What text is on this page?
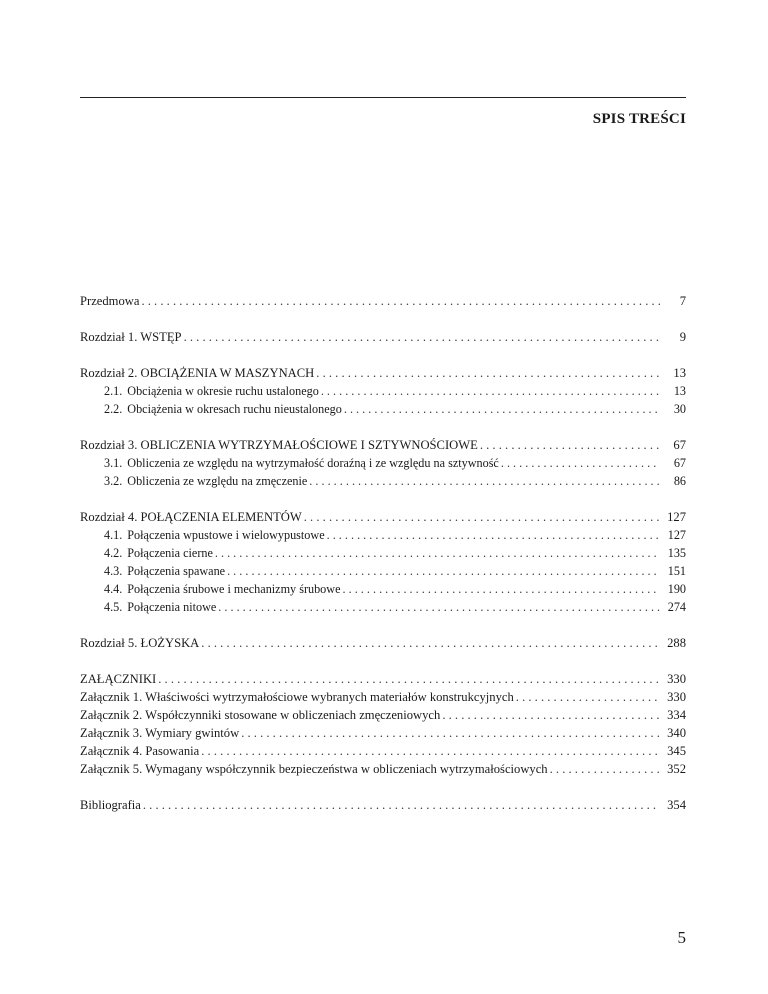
SPIS TREŚCI
Przedmowa . . .	7
Rozdział 1. WSTĘP . . .	9
Rozdział 2. OBCIĄŻENIA W MASZYNACH . . .	13
2.1. Obciążenia w okresie ruchu ustalonego . . .	13
2.2. Obciążenia w okresach ruchu nieustalonego . . .	30
Rozdział 3. OBLICZENIA WYTRZYMAŁOŚCIOWE I SZTYWNOŚCIOWE . . .	67
3.1. Obliczenia ze względu na wytrzymałość doraźną i ze względu na sztywność . . .	67
3.2. Obliczenia ze względu na zmęczenie . . .	86
Rozdział 4. POŁĄCZENIA ELEMENTÓW . . .	127
4.1. Połączenia wpustowe i wielowypustowe . . .	127
4.2. Połączenia cierne . . .	135
4.3. Połączenia spawane . . .	151
4.4. Połączenia śrubowe i mechanizmy śrubowe . . .	190
4.5. Połączenia nitowe . . .	274
Rozdział 5. ŁOŻYSKA . . .	288
ZAŁĄCZNIKI . . .	330
Załącznik 1. Właściwości wytrzymałościowe wybranych materiałów konstrukcyjnych . . .	330
Załącznik 2. Współczynniki stosowane w obliczeniach zmęczeniowych . . .	334
Załącznik 3. Wymiary gwintów . . .	340
Załącznik 4. Pasowania . . .	345
Załącznik 5. Wymagany współczynnik bezpieczeństwa w obliczeniach wytrzymałościowych . . .	352
Bibliografia . . .	354
5
